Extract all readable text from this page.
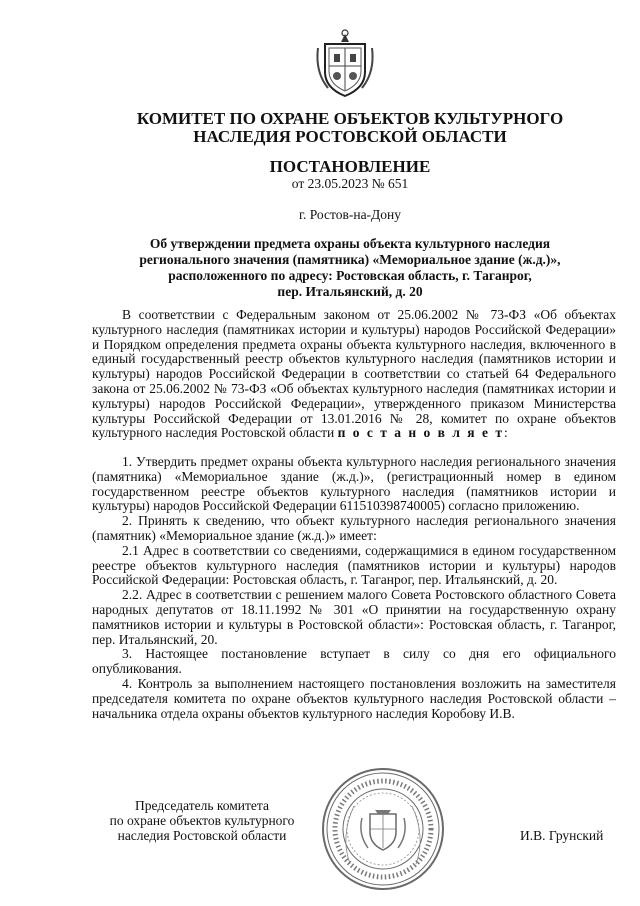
КОМИТЕТ ПО ОХРАНЕ ОБЪЕКТОВ КУЛЬТУРНОГО
НАСЛЕДИЯ РОСТОВСКОЙ ОБЛАСТИ
ПОСТАНОВЛЕНИЕ
от 23.05.2023 № 651
г. Ростов-на-Дону
Об утверждении предмета охраны объекта культурного наследия
регионального значения (памятника) «Мемориальное здание (ж.д.)»,
расположенного по адресу: Ростовская область, г. Таганрог,
пер. Итальянский, д. 20

В соответствии с Федеральным законом от 25.06.2002 № 73-ФЗ «Об объектах культурного наследия (памятниках истории и культуры) народов Российской Федерации» и Порядком определения предмета охраны объекта культурного наследия, включенного в единый государственный реестр объектов культурного наследия (памятников истории и культуры) народов Российской Федерации в соответствии со статьей 64 Федерального закона от 25.06.2002 № 73-ФЗ «Об объектах культурного наследия (памятниках истории и культуры) народов Российской Федерации», утвержденного приказом Министерства культуры Российской Федерации от 13.01.2016 № 28, комитет по охране объектов культурного наследия Ростовской области п о с т а н о в л я е т:

1. Утвердить предмет охраны объекта культурного наследия регионального значения (памятника) «Мемориальное здание (ж.д.)», (регистрационный номер в едином государственном реестре объектов культурного наследия (памятников истории и культуры) народов Российской Федерации 611510398740005) согласно приложению.

2. Принять к сведению, что объект культурного наследия регионального значения (памятник) «Мемориальное здание (ж.д.)» имеет:

2.1 Адрес в соответствии со сведениями, содержащимися в едином государственном реестре объектов культурного наследия (памятников истории и культуры) народов Российской Федерации: Ростовская область, г. Таганрог, пер. Итальянский, д. 20.

2.2. Адрес в соответствии с решением малого Совета Ростовского областного Совета народных депутатов от 18.11.1992 № 301 «О принятии на государственную охрану памятников истории и культуры в Ростовской области»: Ростовская область, г. Таганрог, пер. Итальянский, 20.

3. Настоящее постановление вступает в силу со дня его официального опубликования.

4. Контроль за выполнением настоящего постановления возложить на заместителя председателя комитета по охране объектов культурного наследия Ростовской области – начальника отдела охраны объектов культурного наследия Коробову И.В.

Председатель комитета
по охране объектов культурного
наследия Ростовской области	И.В. Грунский
